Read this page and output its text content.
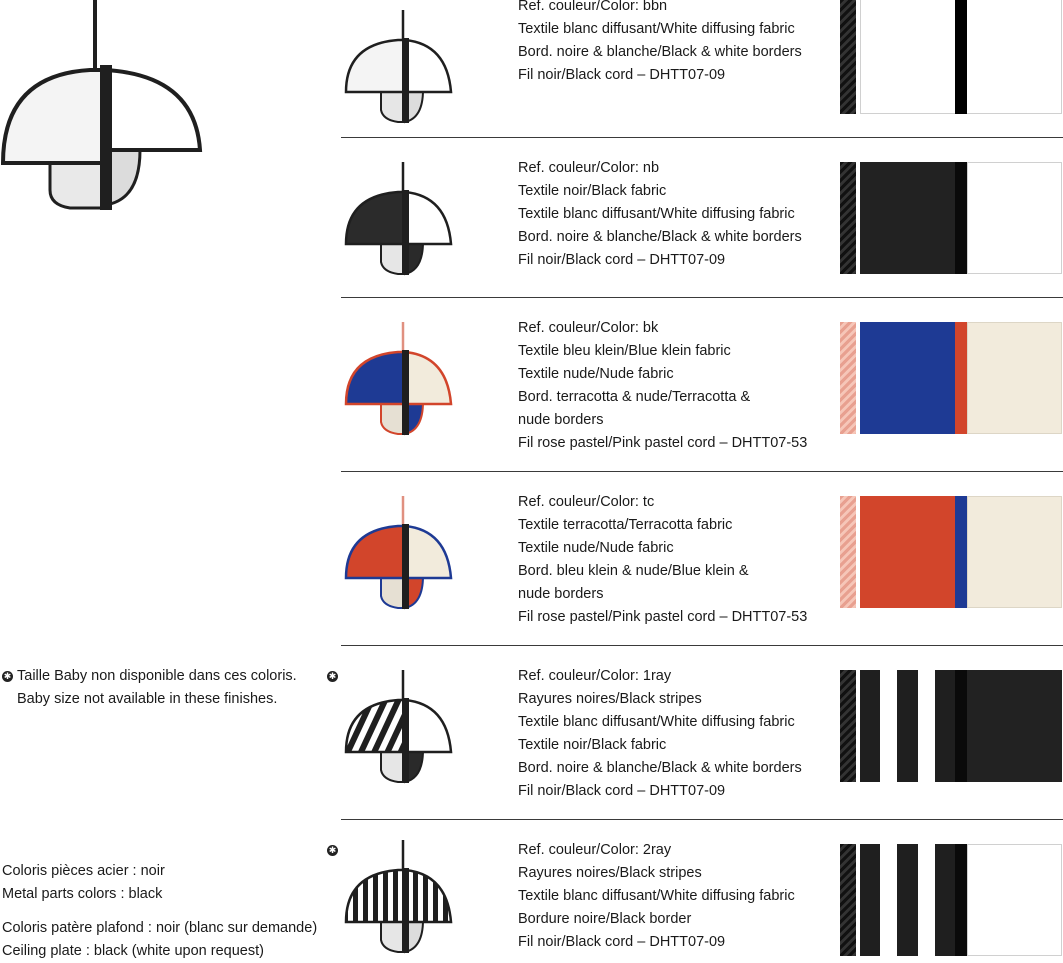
✱ Taille Baby non disponible dans ces coloris.
Baby size not available in these finishes.
Coloris pièces acier : noir
Metal parts colors : black
Coloris patère plafond : noir (blanc sur demande)
Ceiling plate : black (white upon request)
✱
✱
Ref. couleur/Color: bbn
Textile blanc diffusant/White diffusing fabric
Bord. noire & blanche/Black & white borders
Fil noir/Black cord – DHTT07-09
Ref. couleur/Color: nb
Textile noir/Black fabric
Textile blanc diffusant/White diffusing fabric
Bord. noire & blanche/Black & white borders
Fil noir/Black cord – DHTT07-09
Ref. couleur/Color: bk
Textile bleu klein/Blue klein fabric
Textile nude/Nude fabric
Bord. terracotta & nude/Terracotta &
nude borders
Fil rose pastel/Pink pastel cord – DHTT07-53
Ref. couleur/Color: tc
Textile terracotta/Terracotta fabric
Textile nude/Nude fabric
Bord. bleu klein & nude/Blue klein &
nude borders
Fil rose pastel/Pink pastel cord – DHTT07-53
Ref. couleur/Color: 1ray
Rayures noires/Black stripes
Textile blanc diffusant/White diffusing fabric
Textile noir/Black fabric
Bord. noire & blanche/Black & white borders
Fil noir/Black cord – DHTT07-09
Ref. couleur/Color: 2ray
Rayures noires/Black stripes
Textile blanc diffusant/White diffusing fabric
Bordure noire/Black border
Fil noir/Black cord – DHTT07-09
